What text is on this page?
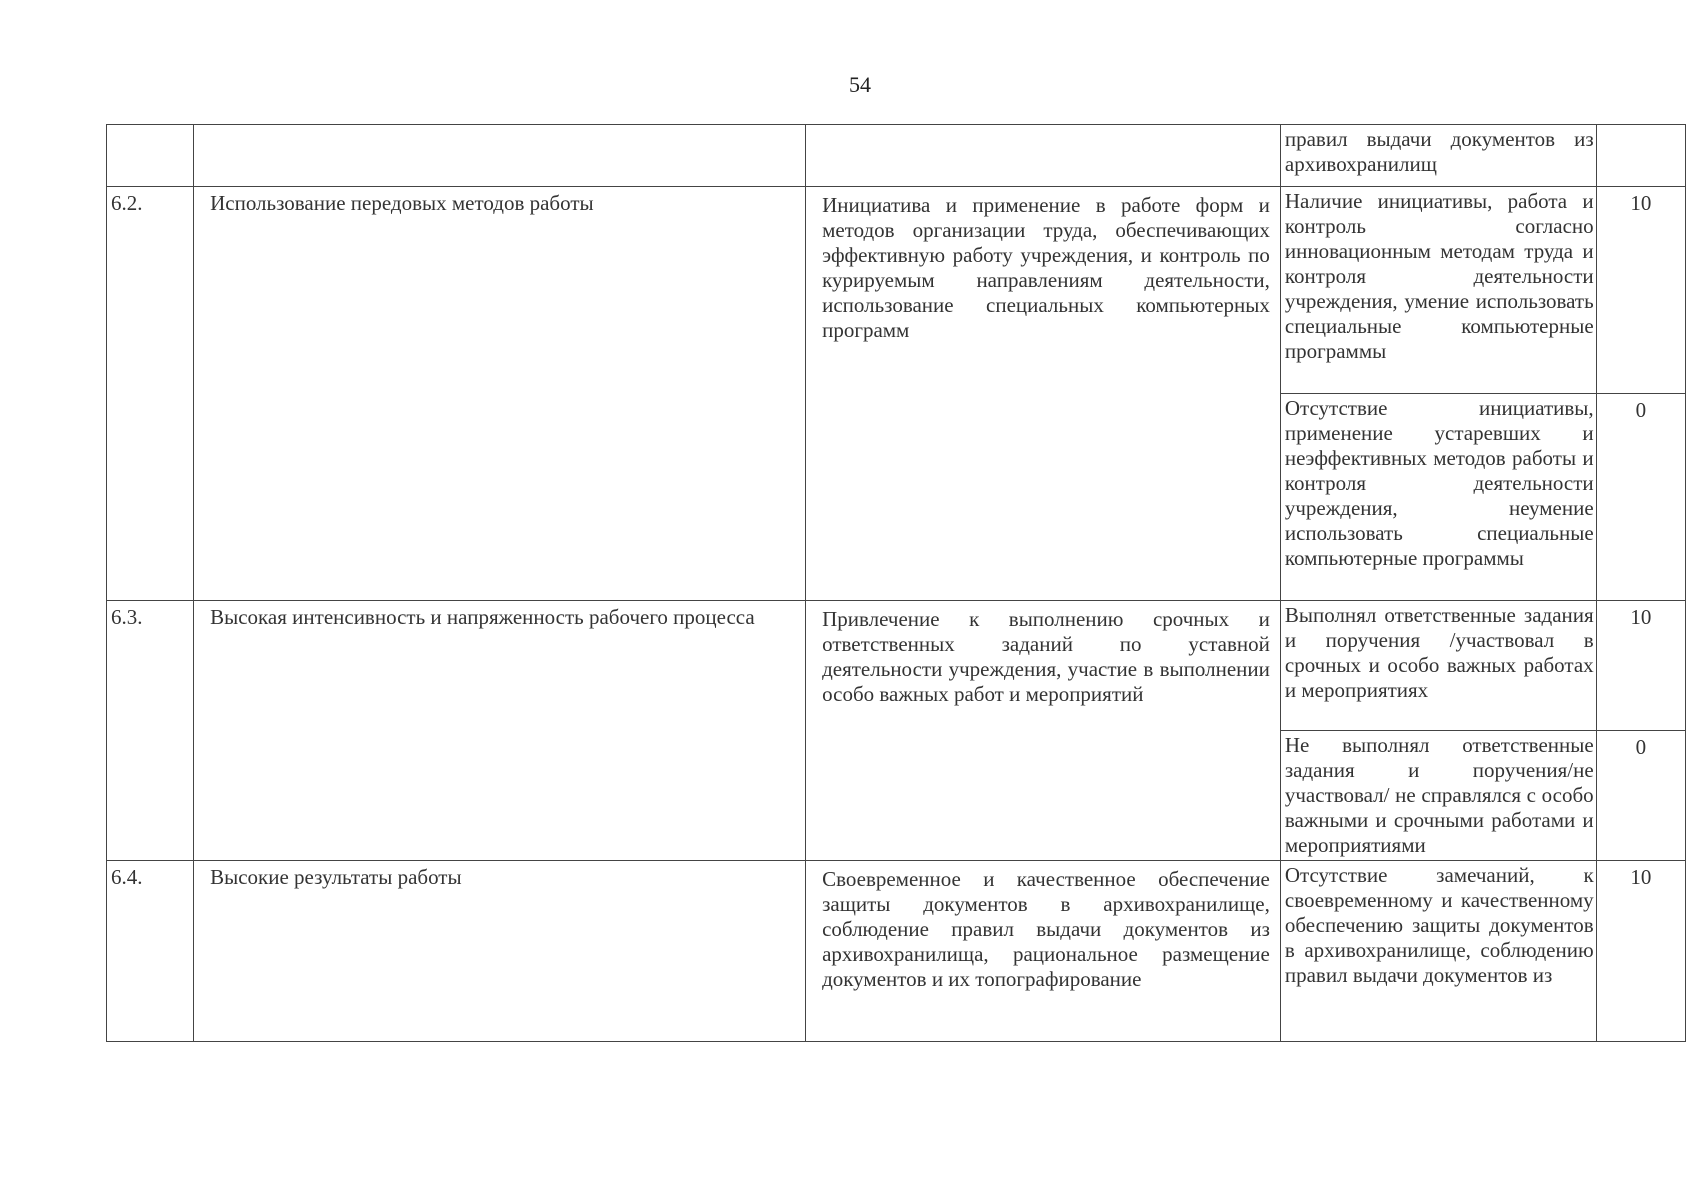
54
			правил выдачи документов из архивохранилищ	
6.2.	Использование передовых методов работы	Инициатива и применение в работе форм и методов организации труда, обеспечивающих эффективную работу учреждения, и контроль по курируемым направлениям деятельности, использование специальных компьютерных программ	Наличие инициативы, работа и контроль согласно инновационным методам труда и контроля деятельности учреждения, умение использовать специальные компьютерные программы	10
			Отсутствие инициативы, применение устаревших и неэффективных методов работы и контроля деятельности учреждения, неумение использовать специальные компьютерные программы	0
6.3.	Высокая интенсивность и напряженность рабочего процесса	Привлечение к выполнению срочных и ответственных заданий по уставной деятельности учреждения, участие в выполнении особо важных работ и мероприятий	Выполнял ответственные задания и поручения /участвовал в срочных и особо важных работах и мероприятиях	10
			Не выполнял ответственные задания и поручения/не участвовал/ не справлялся с особо важными и срочными работами и мероприятиями	0
6.4.	Высокие результаты работы	Своевременное и качественное обеспечение защиты документов в архивохранилище, соблюдение правил выдачи документов из архивохранилища, рациональное размещение документов и их топографирование	Отсутствие замечаний, к своевременному и качественному обеспечению защиты документов в архивохранилище, соблюдению правил выдачи документов из	10
